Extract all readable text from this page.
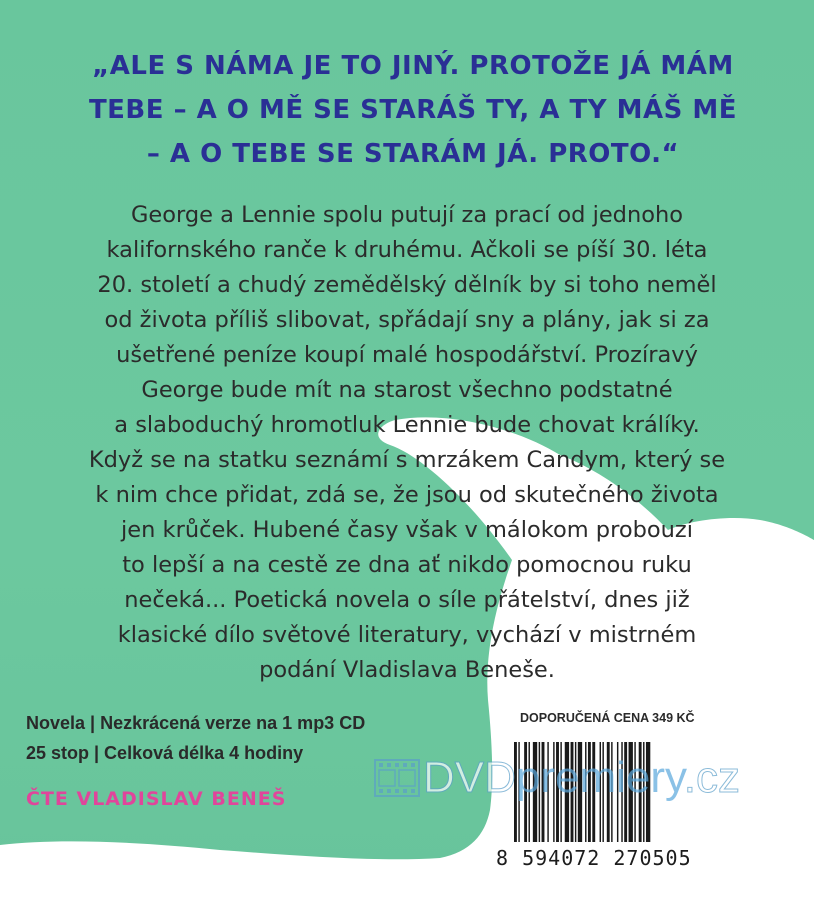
„ALE S NÁMA JE TO JINÝ. PROTOŽE JÁ MÁM
TEBE – A O MĚ SE STARÁŠ TY, A TY MÁŠ MĚ
– A O TEBE SE STARÁM JÁ. PROTO.“
George a Lennie spolu putují za prací od jednoho
kalifornského ranče k druhému. Ačkoli se píší 30. léta
20. století a chudý zemědělský dělník by si toho neměl
od života příliš slibovat, spřádají sny a plány, jak si za
ušetřené peníze koupí malé hospodářství. Prozíravý
George bude mít na starost všechno podstatné
a slaboduchý hromotluk Lennie bude chovat králíky.
Když se na statku seznámí s mrzákem Candym, který se
k nim chce přidat, zdá se, že jsou od skutečného života
jen krůček. Hubené časy však v málokom probouzí
to lepší a na cestě ze dna ať nikdo pomocnou ruku
nečeká... Poetická novela o síle přátelství, dnes již
klasické dílo světové literatury, vychází v mistrném
podání Vladislava Beneše.
Novela | Nezkrácená verze na 1 mp3 CD
25 stop | Celková délka 4 hodiny
ČTE VLADISLAV BENEŠ
DOPORUČENÁ CENA 349 KČ
8 594072 270505
DVDpremiery.cz
